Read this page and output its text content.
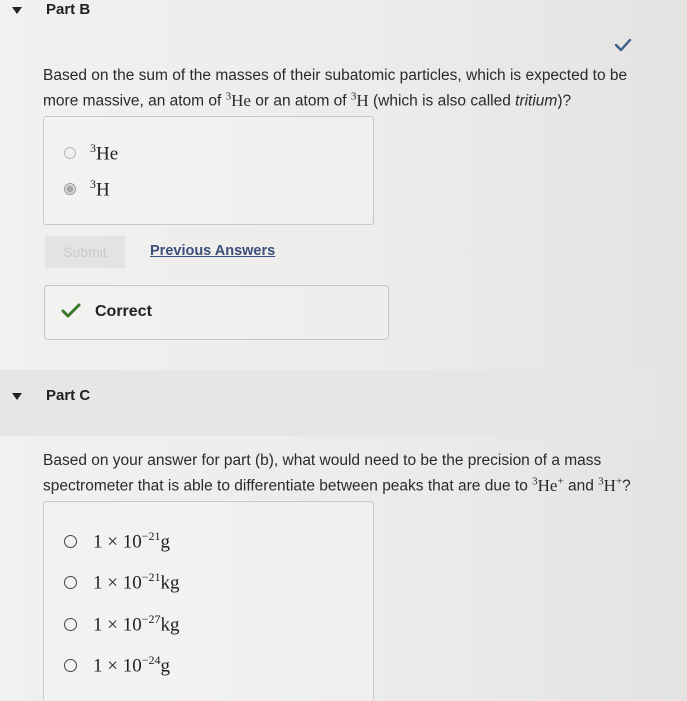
Part B
Based on the sum of the masses of their subatomic particles, which is expected to be more massive, an atom of $^3$He or an atom of $^3$H (which is also called tritium)?
$^3$He
$^3$H
Submit	Previous Answers
Correct
Part C
Based on your answer for part (b), what would need to be the precision of a mass spectrometer that is able to differentiate between peaks that are due to $^3$He+ and $^3$H+?
$1 \times 10^{-21}g$
$1 \times 10^{-21}kg$
$1 \times 10^{-27}kg$
$1 \times 10^{-24}g$
